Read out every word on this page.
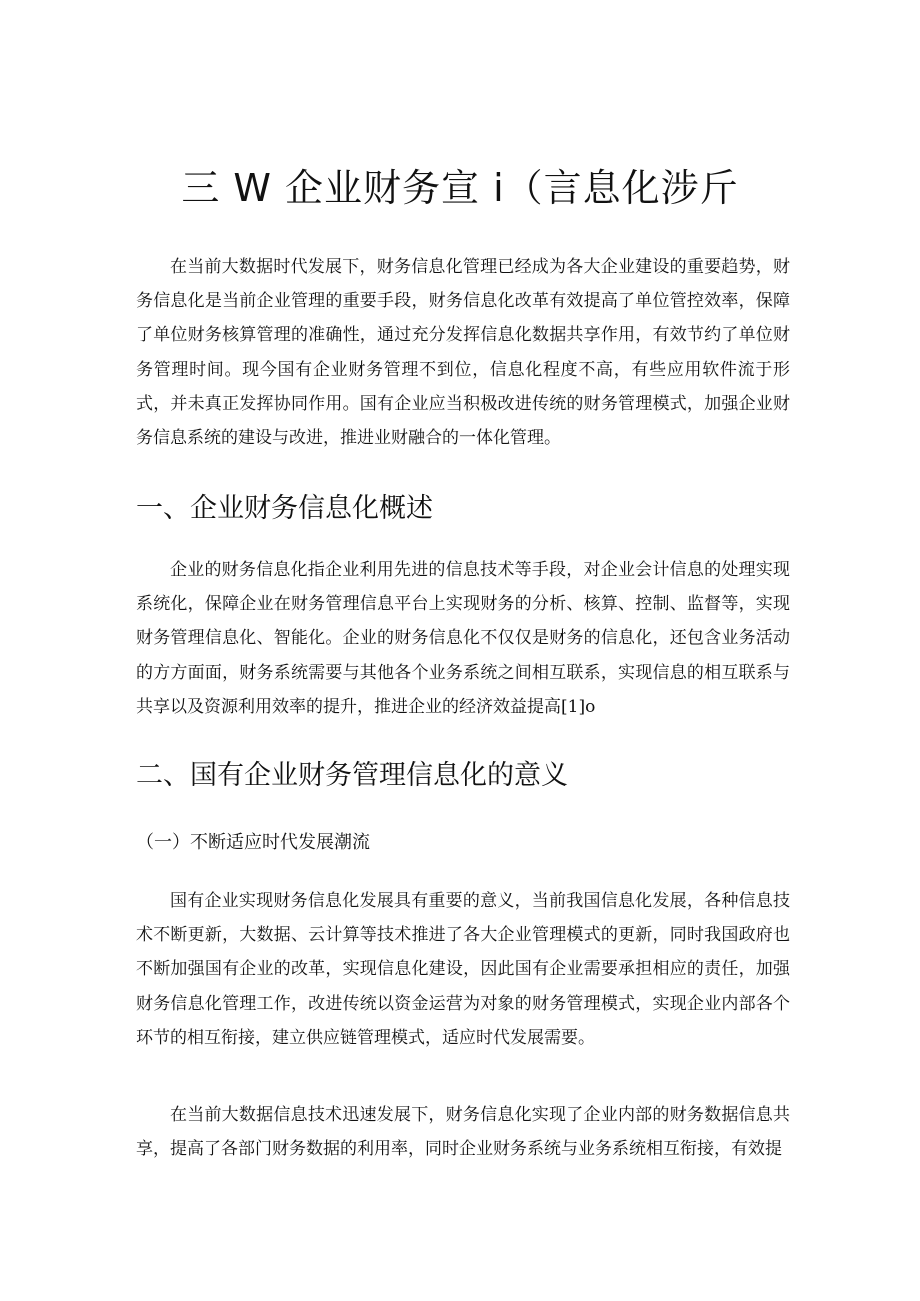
三 W 企业财务宣 i（言息化涉斤

在当前大数据时代发展下，财务信息化管理已经成为各大企业建设的重要趋势，财务信息化是当前企业管理的重要手段，财务信息化改革有效提高了单位管控效率，保障了单位财务核算管理的准确性，通过充分发挥信息化数据共享作用，有效节约了单位财务管理时间。现今国有企业财务管理不到位，信息化程度不高，有些应用软件流于形式，并未真正发挥协同作用。国有企业应当积极改进传统的财务管理模式，加强企业财务信息系统的建设与改进，推进业财融合的一体化管理。

一、企业财务信息化概述

企业的财务信息化指企业利用先进的信息技术等手段，对企业会计信息的处理实现系统化，保障企业在财务管理信息平台上实现财务的分析、核算、控制、监督等，实现财务管理信息化、智能化。企业的财务信息化不仅仅是财务的信息化，还包含业务活动的方方面面，财务系统需要与其他各个业务系统之间相互联系，实现信息的相互联系与共享以及资源利用效率的提升，推进企业的经济效益提高[1]o

二、国有企业财务管理信息化的意义
（一）不断适应时代发展潮流

国有企业实现财务信息化发展具有重要的意义，当前我国信息化发展，各种信息技术不断更新，大数据、云计算等技术推进了各大企业管理模式的更新，同时我国政府也不断加强国有企业的改革，实现信息化建设，因此国有企业需要承担相应的责任，加强财务信息化管理工作，改进传统以资金运营为对象的财务管理模式，实现企业内部各个环节的相互衔接，建立供应链管理模式，适应时代发展需要。

在当前大数据信息技术迅速发展下，财务信息化实现了企业内部的财务数据信息共享，提高了各部门财务数据的利用率，同时企业财务系统与业务系统相互衔接，有效提
